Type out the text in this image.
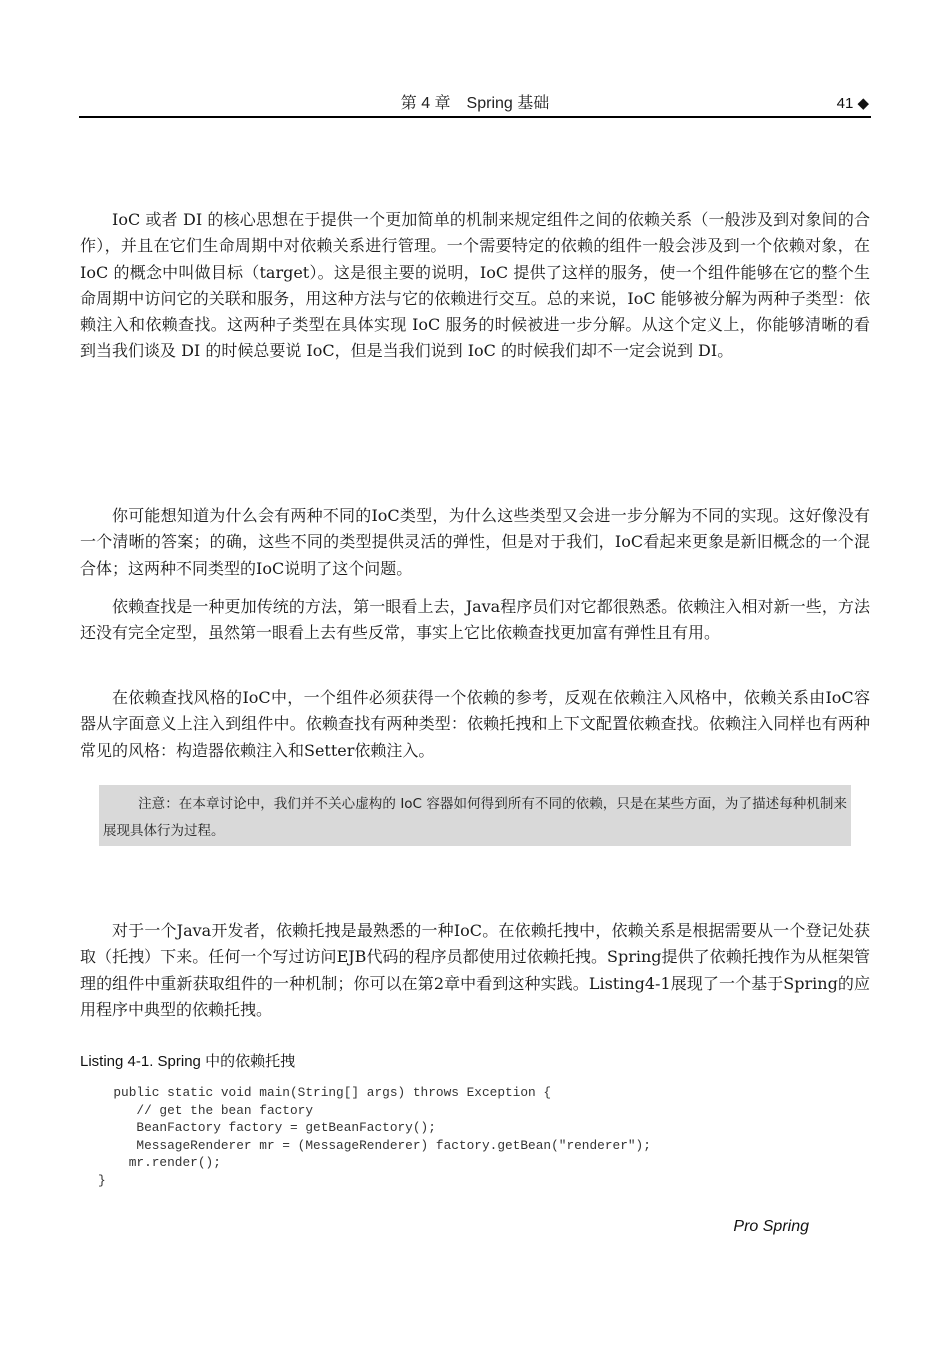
第 4 章　Spring 基础	41 ◆

IoC 或者 DI 的核心思想在于提供一个更加简单的机制来规定组件之间的依赖关系（一般涉及到对象间的合作），并且在它们生命周期中对依赖关系进行管理。一个需要特定的依赖的组件一般会涉及到一个依赖对象，在 IoC 的概念中叫做目标（target）。这是很主要的说明，IoC 提供了这样的服务，使一个组件能够在它的整个生命周期中访问它的关联和服务，用这种方法与它的依赖进行交互。总的来说，IoC 能够被分解为两种子类型：依赖注入和依赖查找。这两种子类型在具体实现 IoC 服务的时候被进一步分解。从这个定义上，你能够清晰的看到当我们谈及 DI 的时候总要说 IoC，但是当我们说到 IoC 的时候我们却不一定会说到 DI。

你可能想知道为什么会有两种不同的IoC类型，为什么这些类型又会进一步分解为不同的实现。这好像没有一个清晰的答案；的确，这些不同的类型提供灵活的弹性，但是对于我们，IoC看起来更象是新旧概念的一个混合体；这两种不同类型的IoC说明了这个问题。

依赖查找是一种更加传统的方法，第一眼看上去，Java程序员们对它都很熟悉。依赖注入相对新一些，方法还没有完全定型，虽然第一眼看上去有些反常，事实上它比依赖查找更加富有弹性且有用。

在依赖查找风格的IoC中，一个组件必须获得一个依赖的参考，反观在依赖注入风格中，依赖关系由IoC容器从字面意义上注入到组件中。依赖查找有两种类型：依赖托拽和上下文配置依赖查找。依赖注入同样也有两种常见的风格：构造器依赖注入和Setter依赖注入。

注意：在本章讨论中，我们并不关心虚构的 IoC 容器如何得到所有不同的依赖，只是在某些方面，为了描述每种机制来展现具体行为过程。

对于一个Java开发者，依赖托拽是最熟悉的一种IoC。在依赖托拽中，依赖关系是根据需要从一个登记处获取（托拽）下来。任何一个写过访问EJB代码的程序员都使用过依赖托拽。Spring提供了依赖托拽作为从框架管理的组件中重新获取组件的一种机制；你可以在第2章中看到这种实践。Listing4-1展现了一个基于Spring的应用程序中典型的依赖托拽。

Listing 4-1. Spring 中的依赖托拽
public static void main(String[] args) throws Exception {
// get the bean factory
BeanFactory factory = getBeanFactory();
MessageRenderer mr = (MessageRenderer) factory.getBean("renderer");
mr.render();
}
Pro Spring
